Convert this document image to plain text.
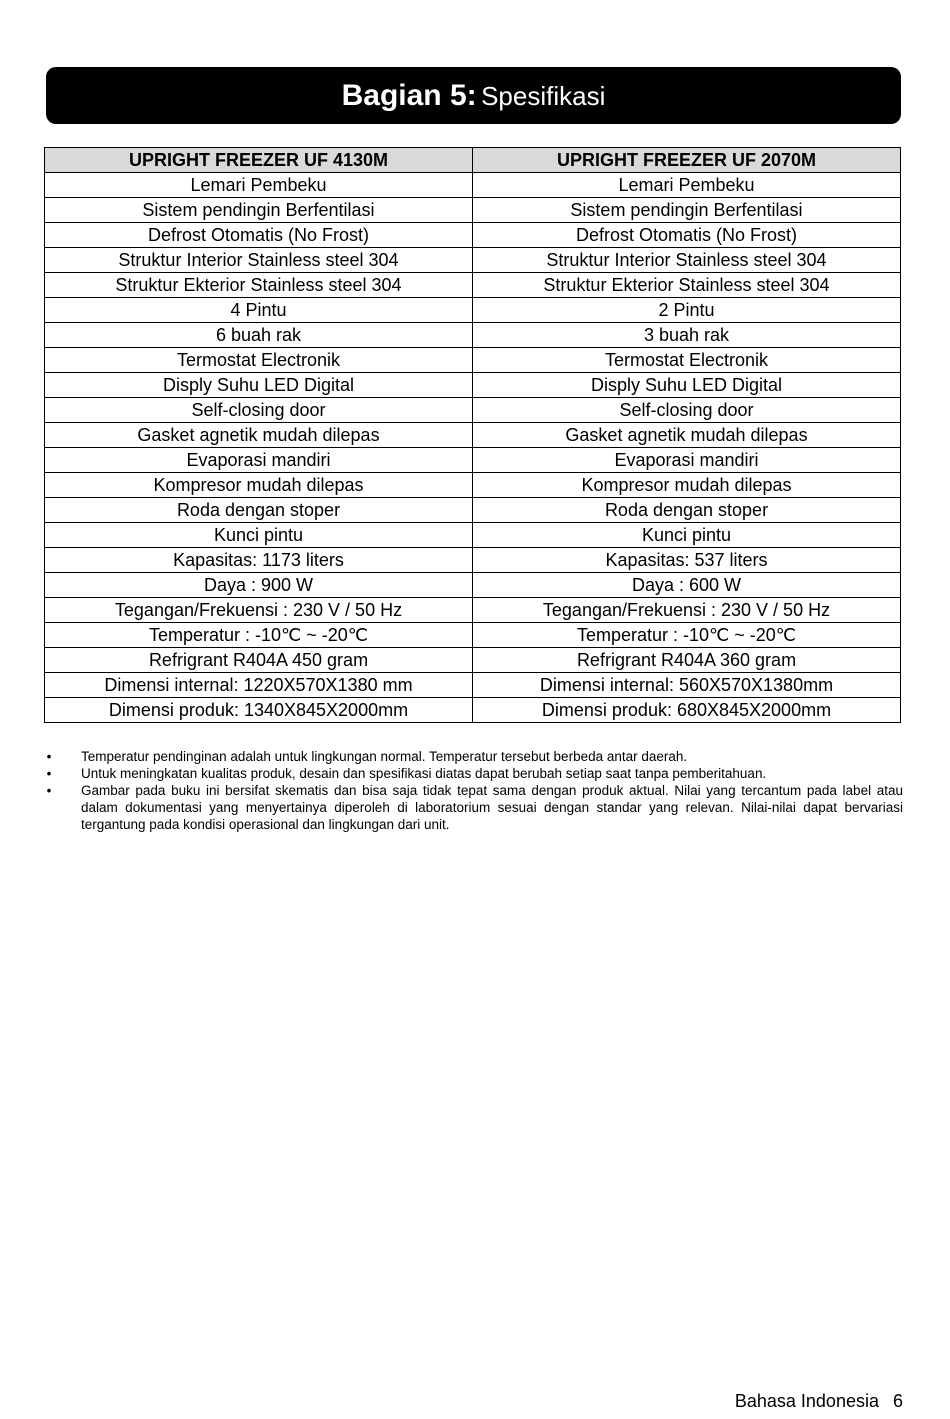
Bagian 5: Spesifikasi
UPRIGHT FREEZER UF 4130M	UPRIGHT FREEZER UF 2070M
Lemari Pembeku	Lemari Pembeku
Sistem pendingin Berfentilasi	Sistem pendingin Berfentilasi
Defrost Otomatis (No Frost)	Defrost Otomatis (No Frost)
Struktur Interior Stainless steel 304	Struktur Interior Stainless steel 304
Struktur Ekterior Stainless steel 304	Struktur Ekterior Stainless steel 304
4 Pintu	2 Pintu
6 buah rak	3 buah rak
Termostat Electronik	Termostat Electronik
Disply Suhu LED Digital	Disply Suhu LED Digital
Self-closing door	Self-closing door
Gasket agnetik mudah dilepas	Gasket agnetik mudah dilepas
Evaporasi mandiri	Evaporasi mandiri
Kompresor mudah dilepas	Kompresor mudah dilepas
Roda dengan stoper	Roda dengan stoper
Kunci pintu	Kunci pintu
Kapasitas: 1173 liters	Kapasitas: 537 liters
Daya : 900 W	Daya : 600 W
Tegangan/Frekuensi : 230 V / 50 Hz	Tegangan/Frekuensi : 230 V / 50 Hz
Temperatur : -10℃ ~ -20℃	Temperatur : -10℃ ~ -20℃
Refrigrant R404A 450 gram	Refrigrant R404A 360 gram
Dimensi internal: 1220X570X1380 mm	Dimensi internal: 560X570X1380mm
Dimensi produk: 1340X845X2000mm	Dimensi produk: 680X845X2000mm
• Temperatur pendinginan adalah untuk lingkungan normal. Temperatur tersebut berbeda antar daerah.
• Untuk meningkatan kualitas produk, desain dan spesifikasi diatas dapat berubah setiap saat tanpa pemberitahuan.
• Gambar pada buku ini bersifat skematis dan bisa saja tidak tepat sama dengan produk aktual. Nilai yang tercantum pada label atau dalam dokumentasi yang menyertainya diperoleh di laboratorium sesuai dengan standar yang relevan. Nilai-nilai dapat bervariasi tergantung pada kondisi operasional dan lingkungan dari unit.
Bahasa Indonesia 6
